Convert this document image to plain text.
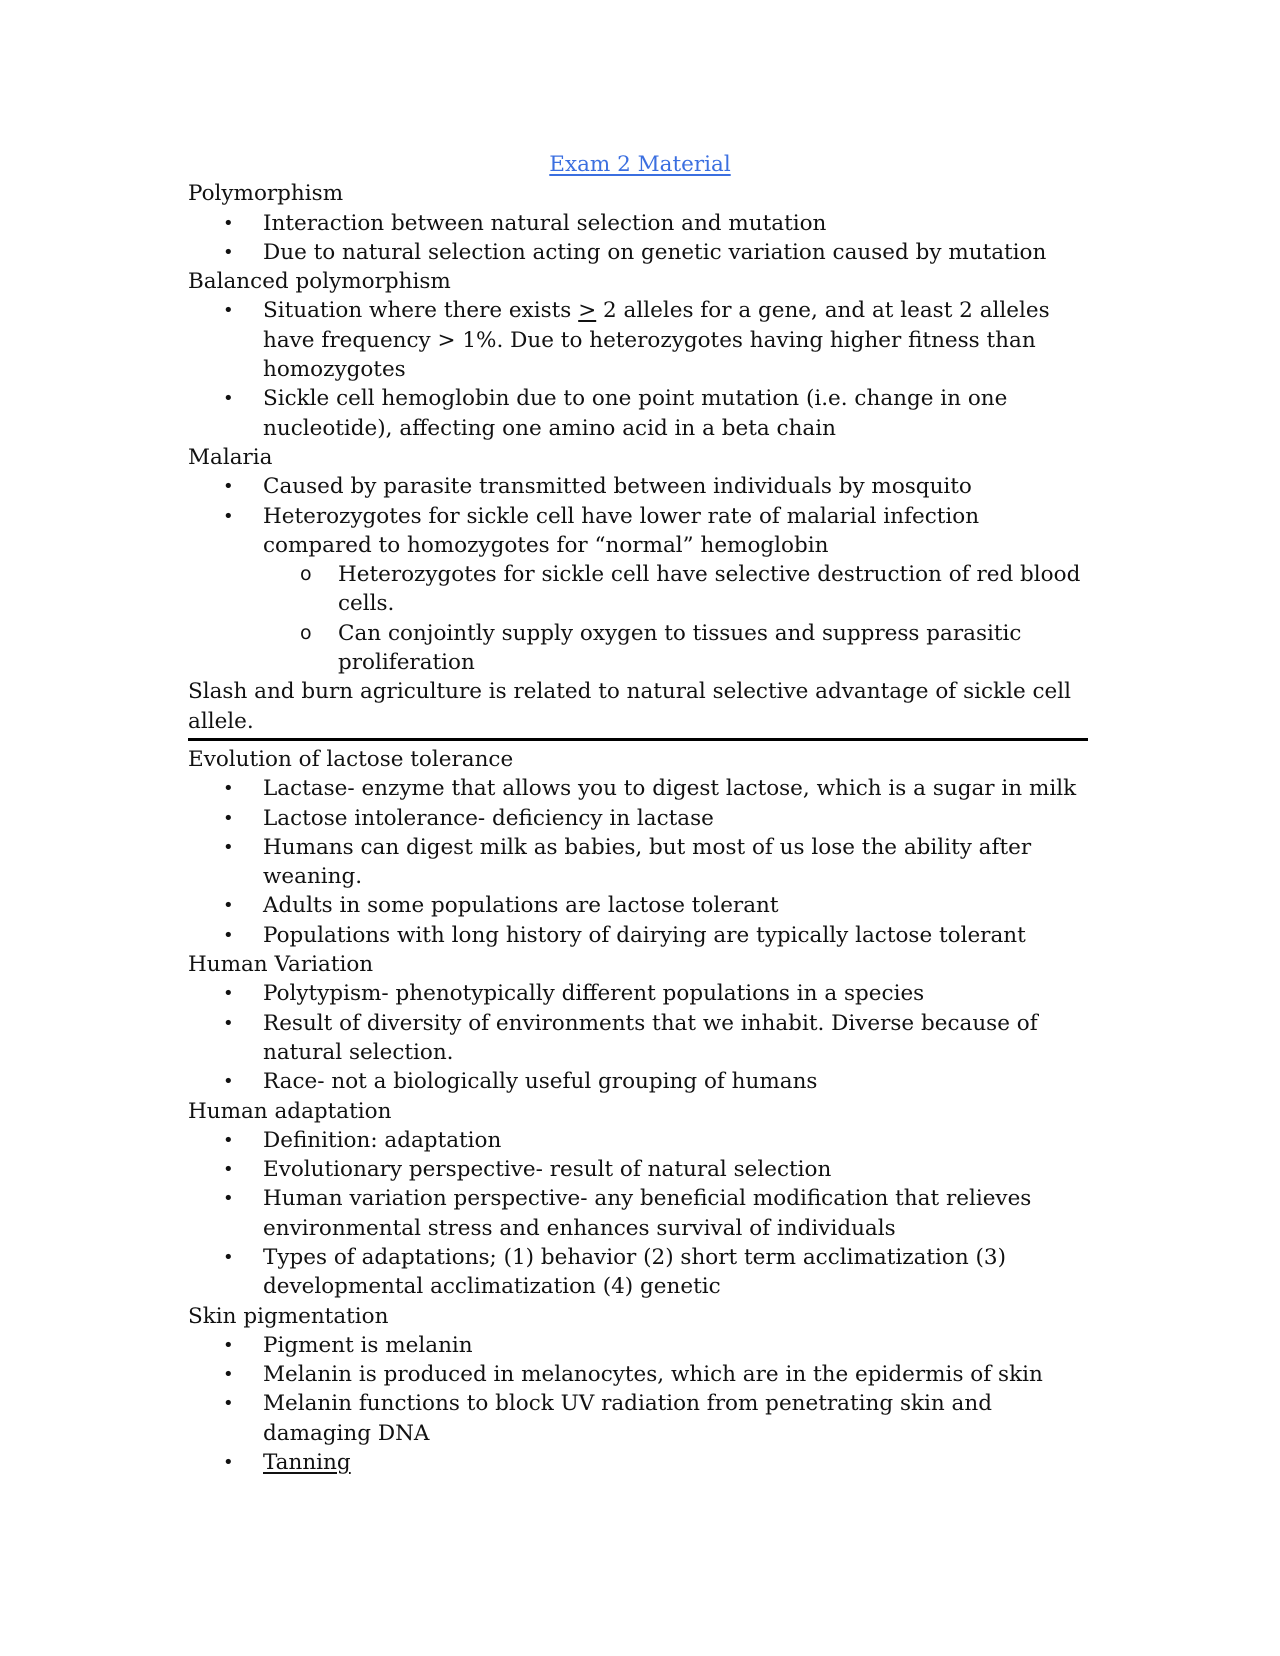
Exam 2 Material

Polymorphism

• Interaction between natural selection and mutation
• Due to natural selection acting on genetic variation caused by mutation

Balanced polymorphism

• Situation where there exists ≥ 2 alleles for a gene, and at least 2 alleles have frequency > 1%. Due to heterozygotes having higher fitness than homozygotes
• Sickle cell hemoglobin due to one point mutation (i.e. change in one nucleotide), affecting one amino acid in a beta chain

Malaria

• Caused by parasite transmitted between individuals by mosquito
• Heterozygotes for sickle cell have lower rate of malarial infection compared to homozygotes for “normal” hemoglobin
o Heterozygotes for sickle cell have selective destruction of red blood cells.
o Can conjointly supply oxygen to tissues and suppress parasitic proliferation

Slash and burn agriculture is related to natural selective advantage of sickle cell allele.

Evolution of lactose tolerance

• Lactase- enzyme that allows you to digest lactose, which is a sugar in milk
• Lactose intolerance- deficiency in lactase
• Humans can digest milk as babies, but most of us lose the ability after weaning.
• Adults in some populations are lactose tolerant
• Populations with long history of dairying are typically lactose tolerant

Human Variation

• Polytypism- phenotypically different populations in a species
• Result of diversity of environments that we inhabit. Diverse because of natural selection.
• Race- not a biologically useful grouping of humans

Human adaptation

• Definition: adaptation
• Evolutionary perspective- result of natural selection
• Human variation perspective- any beneficial modification that relieves environmental stress and enhances survival of individuals
• Types of adaptations; (1) behavior (2) short term acclimatization (3) developmental acclimatization (4) genetic

Skin pigmentation

• Pigment is melanin
• Melanin is produced in melanocytes, which are in the epidermis of skin
• Melanin functions to block UV radiation from penetrating skin and damaging DNA
• Tanning
